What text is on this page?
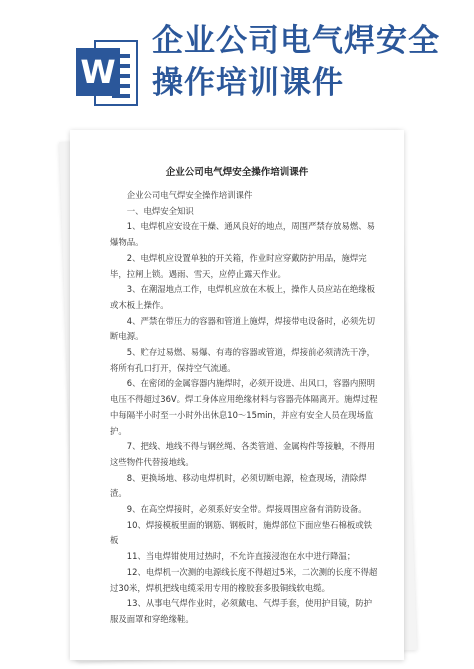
W
企业公司电气焊安全操作培训课件
企业公司电气焊安全操作培训课件

企业公司电气焊安全操作培训课件

一、电焊安全知识

1、电焊机应安设在干燥、通风良好的地点，周围严禁存放易燃、易爆物品。

2、电焊机应设置单独的开关箱，作业时应穿戴防护用品，施焊完毕，拉闸上锁。遇雨、雪天，应停止露天作业。

3、在潮湿地点工作，电焊机应放在木板上，操作人员应站在绝缘板或木板上操作。

4、严禁在带压力的容器和管道上施焊，焊接带电设备时，必须先切断电源。

5、贮存过易燃、易爆、有毒的容器或管道，焊接前必须清洗干净，将所有孔口打开，保持空气流通。

6、在密闭的金属容器内施焊时，必须开设进、出风口，容器内照明电压不得超过36V。焊工身体应用绝缘材料与容器壳体隔离开。施焊过程中每隔半小时至一小时外出休息10～15min，并应有安全人员在现场监护。

7、把线、地线不得与钢丝绳、各类管道、金属构件等接触，不得用这些物件代替接地线。

8、更换场地、移动电焊机时，必须切断电源，检查现场，清除焊渣。

9、在高空焊接时，必须系好安全带。焊接周围应备有消防设备。

10、焊接模板里面的钢筋、钢板时，施焊部位下面应垫石棉板或铁板

11、当电焊钳使用过热时，不允许直接浸泡在水中进行降温；

12、电焊机一次测的电源线长度不得超过5米，二次测的长度不得超过30米，焊机把线电缆采用专用的橡胶套多股铜线软电缆。

13、从事电气焊作业时，必须戴电、气焊手套，使用护目镜，防护服及面罩和穿绝缘鞋。
